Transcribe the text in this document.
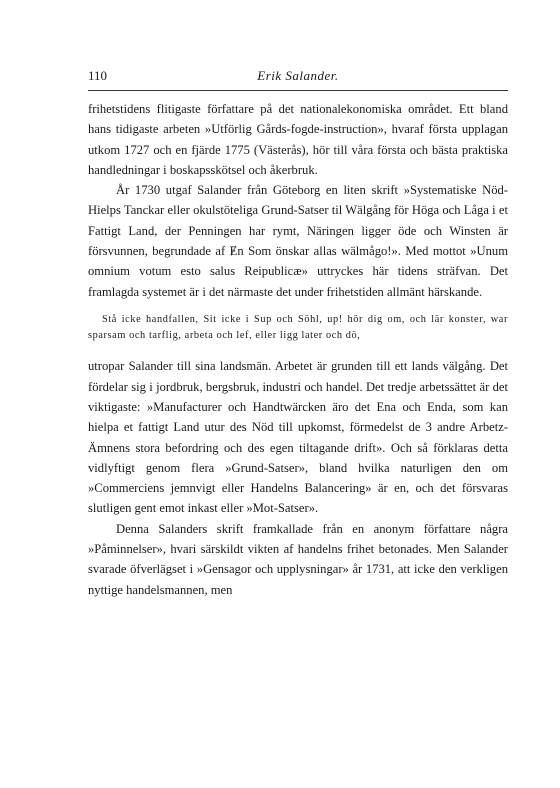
110	Erik Salander.

frihetstidens flitigaste författare på det nationalekonomiska området. Ett bland hans tidigaste arbeten »Utförlig Gårds-fogde-instruction», hvaraf första upplagan utkom 1727 och en fjärde 1775 (Västerås), hör till våra första och bästa praktiska handledningar i boskapsskötsel och åkerbruk.

År 1730 utgaf Salander från Göteborg en liten skrift »Systematiske Nöd-Hielps Tanckar eller okulstöteliga Grund-Satser til Wälgång för Höga och Låga i et Fattigt Land, der Penningen har rymt, Näringen ligger öde och Winsten är försvunnen, begrundade af Ɇn Som önskar allas wälmågo!». Med mottot »Unum omnium votum esto salus Reipublicæ» uttryckes här tidens sträfvan. Det framlagda systemet är i det närmaste det under frihetstiden allmänt härskande.

Stå icke handfallen, Sit icke i Sup och Söhl, up! hör dig om, och lär konster, war sparsam och tarflig, arbeta och lef, eller ligg later och dö,

utropar Salander till sina landsmän. Arbetet är grunden till ett lands välgång. Det fördelar sig i jordbruk, bergsbruk, industri och handel. Det tredje arbetssättet är det viktigaste: »Manufacturer och Handtwärcken äro det Ena och Enda, som kan hielpa et fattigt Land utur des Nöd till upkomst, förmedelst de 3 andre Arbetz-Ämnens stora befordring och des egen tiltagande drift». Och så förklaras detta vidlyftigt genom flera »Grund-Satser», bland hvilka naturligen den om »Commerciens jemnvigt eller Handelns Balancering» är en, och det försvaras slutligen gent emot inkast eller »Mot-Satser».

Denna Salanders skrift framkallade från en anonym författare några »Påminnelser», hvari särskildt vikten af handelns frihet betonades. Men Salander svarade öfverlägset i »Gensagor och upplysningar» år 1731, att icke den verkligen nyttige handelsmannen, men
